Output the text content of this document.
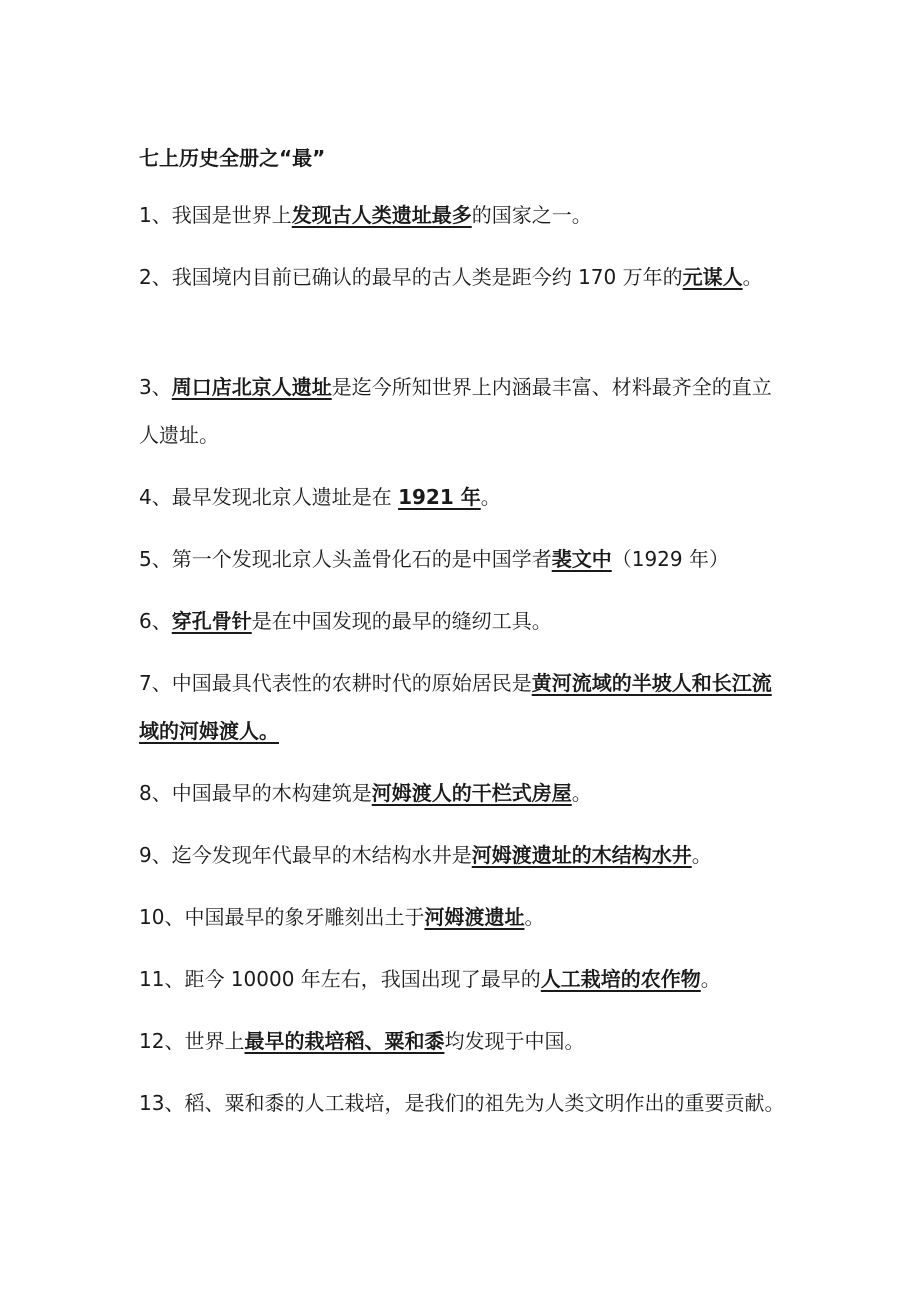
七上历史全册之“最”
1、我国是世界上发现古人类遗址最多的国家之一。
2、我国境内目前已确认的最早的古人类是距今约 170 万年的元谋人。
3、周口店北京人遗址是迄今所知世界上内涵最丰富、材料最齐全的直立人遗址。
4、最早发现北京人遗址是在 1921 年。
5、第一个发现北京人头盖骨化石的是中国学者裴文中（1929 年）
6、穿孔骨针是在中国发现的最早的缝纫工具。
7、中国最具代表性的农耕时代的原始居民是黄河流域的半坡人和长江流域的河姆渡人。
8、中国最早的木构建筑是河姆渡人的干栏式房屋。
9、迄今发现年代最早的木结构水井是河姆渡遗址的木结构水井。
10、中国最早的象牙雕刻出土于河姆渡遗址。
11、距今 10000 年左右，我国出现了最早的人工栽培的农作物。
12、世界上最早的栽培稻、粟和黍均发现于中国。
13、稻、粟和黍的人工栽培，是我们的祖先为人类文明作出的重要贡献。
